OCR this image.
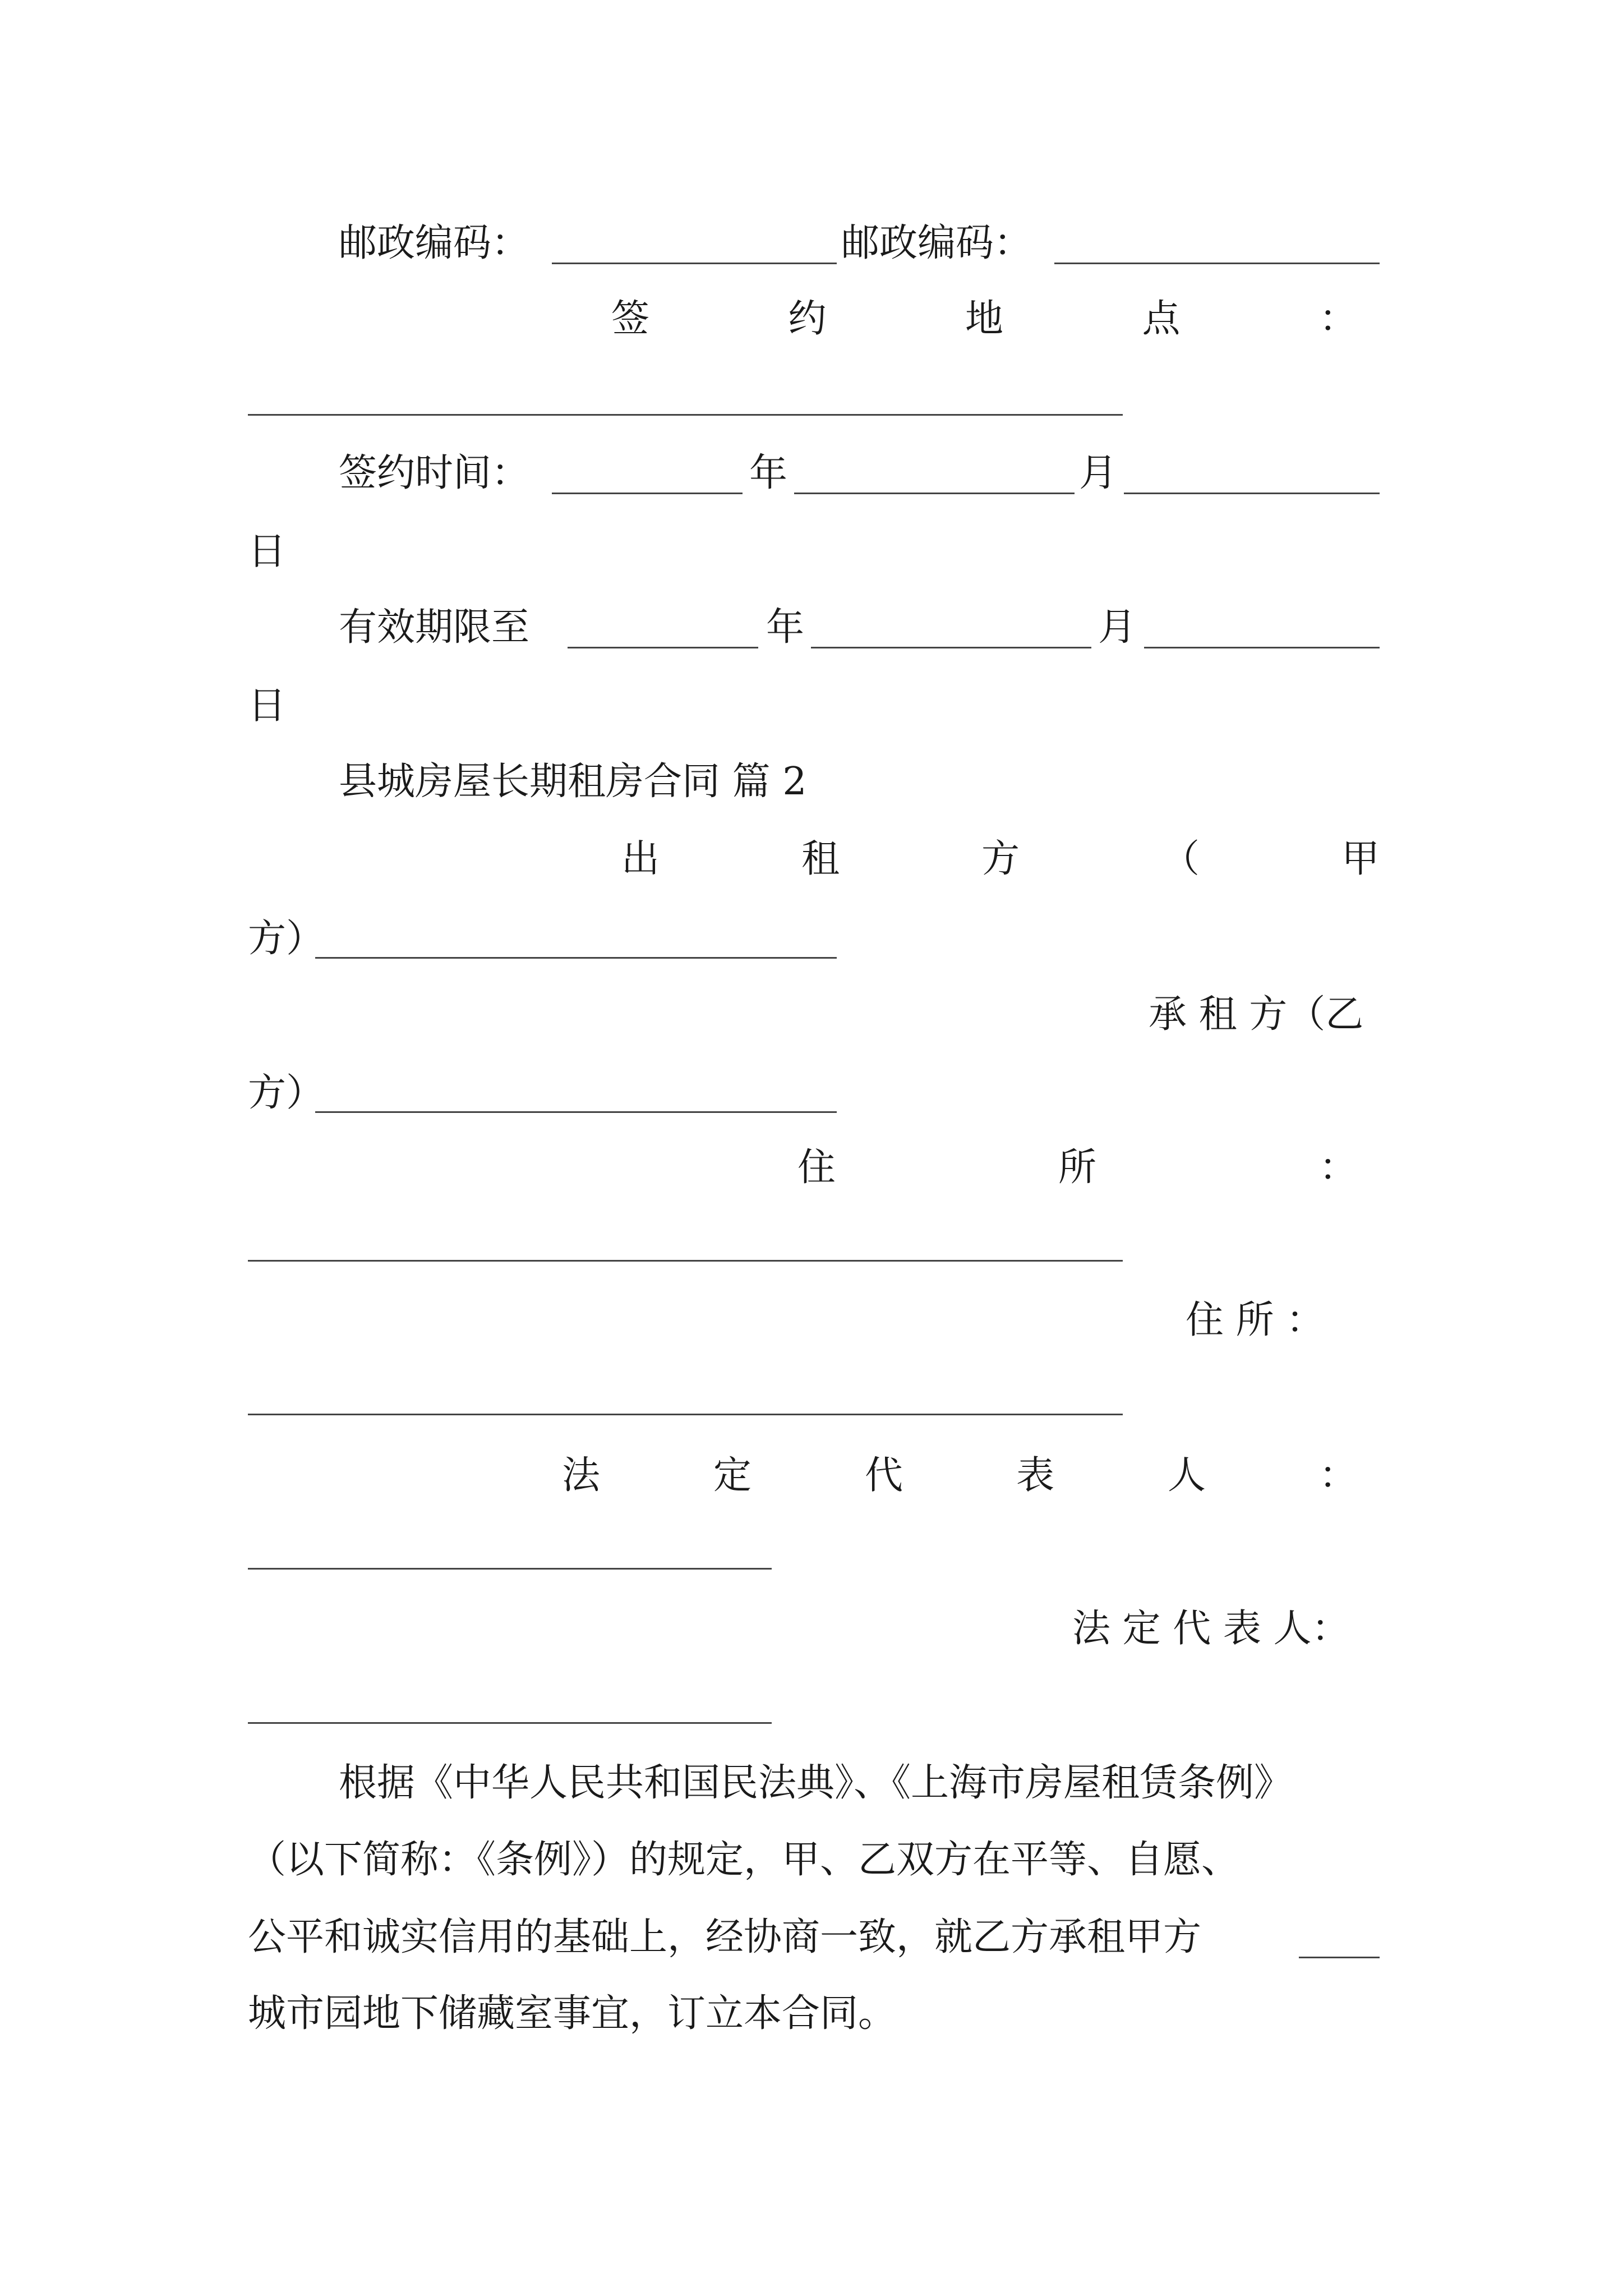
邮政编码：	邮政编码：
签	约	地	点	：
签约时间：	年	月
日
有效期限至	年	月
日
县城房屋长期租房合同 篇 2
出	租	方	（	甲
方）
承 租 方（乙
方）
住	所	：
住 所 ：
法	定	代	表	人	：
法 定 代 表 人：
根据《中华人民共和国民法典》、《上海市房屋租赁条例》
（以下简称：《条例》）的规定，甲、乙双方在平等、自愿、
公平和诚实信用的基础上，经协商一致，就乙方承租甲方
城市园地下储藏室事宜，订立本合同。
